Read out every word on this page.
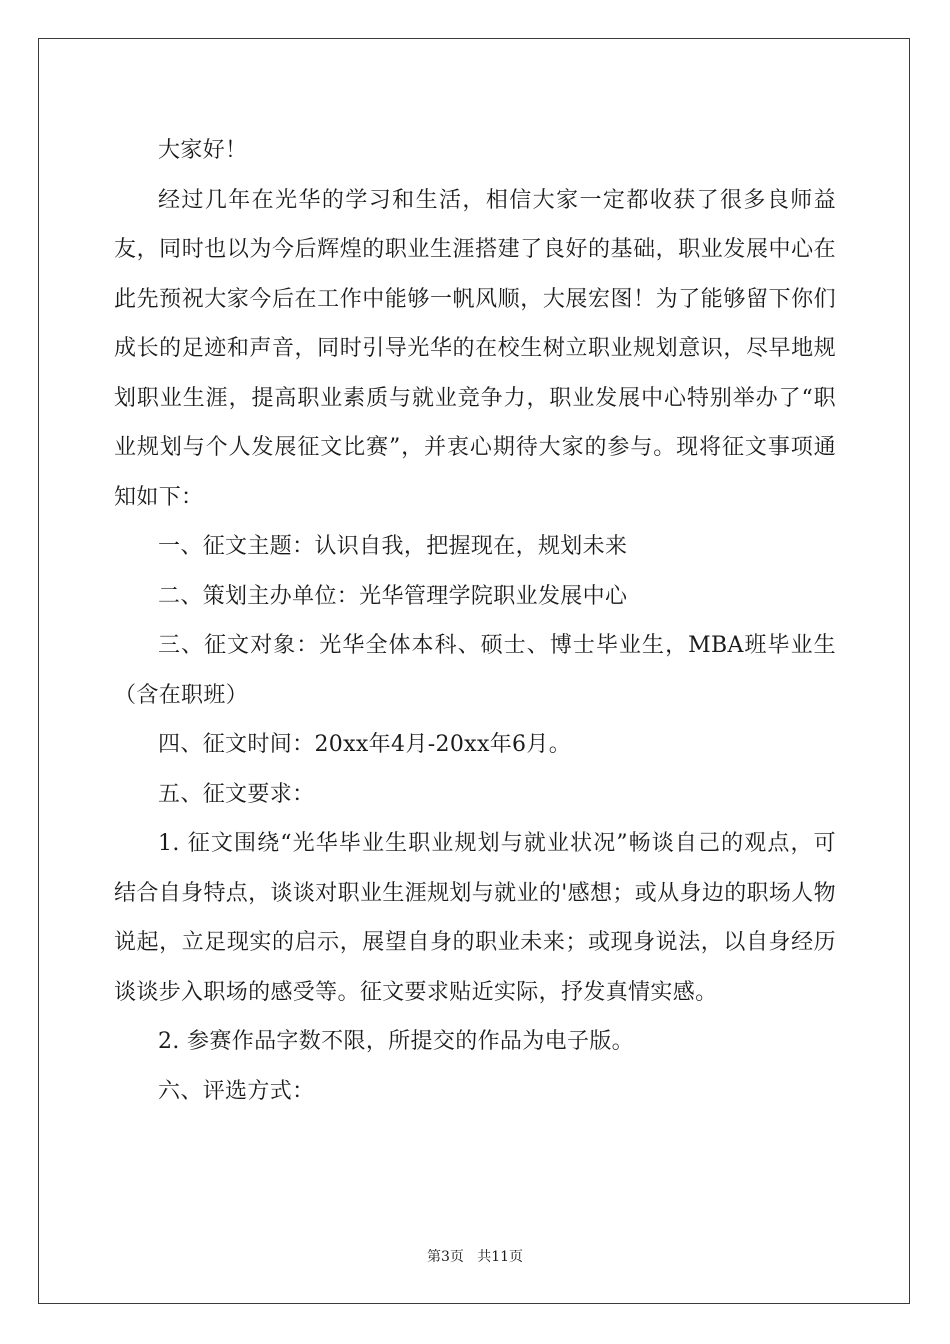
大家好！

经过几年在光华的学习和生活，相信大家一定都收获了很多良师益友，同时也以为今后辉煌的职业生涯搭建了良好的基础，职业发展中心在此先预祝大家今后在工作中能够一帆风顺，大展宏图！为了能够留下你们成长的足迹和声音，同时引导光华的在校生树立职业规划意识，尽早地规划职业生涯，提高职业素质与就业竞争力，职业发展中心特别举办了“职业规划与个人发展征文比赛”，并衷心期待大家的参与。现将征文事项通知如下：

一、征文主题：认识自我，把握现在，规划未来

二、策划主办单位：光华管理学院职业发展中心

三、征文对象：光华全体本科、硕士、博士毕业生，MBA班毕业生（含在职班）

四、征文时间：20xx年4月-20xx年6月。

五、征文要求：

1. 征文围绕“光华毕业生职业规划与就业状况”畅谈自己的观点，可结合自身特点，谈谈对职业生涯规划与就业的'感想；或从身边的职场人物说起，立足现实的启示，展望自身的职业未来；或现身说法，以自身经历谈谈步入职场的感受等。征文要求贴近实际，抒发真情实感。

2. 参赛作品字数不限，所提交的作品为电子版。

六、评选方式：

第3页   共11页
